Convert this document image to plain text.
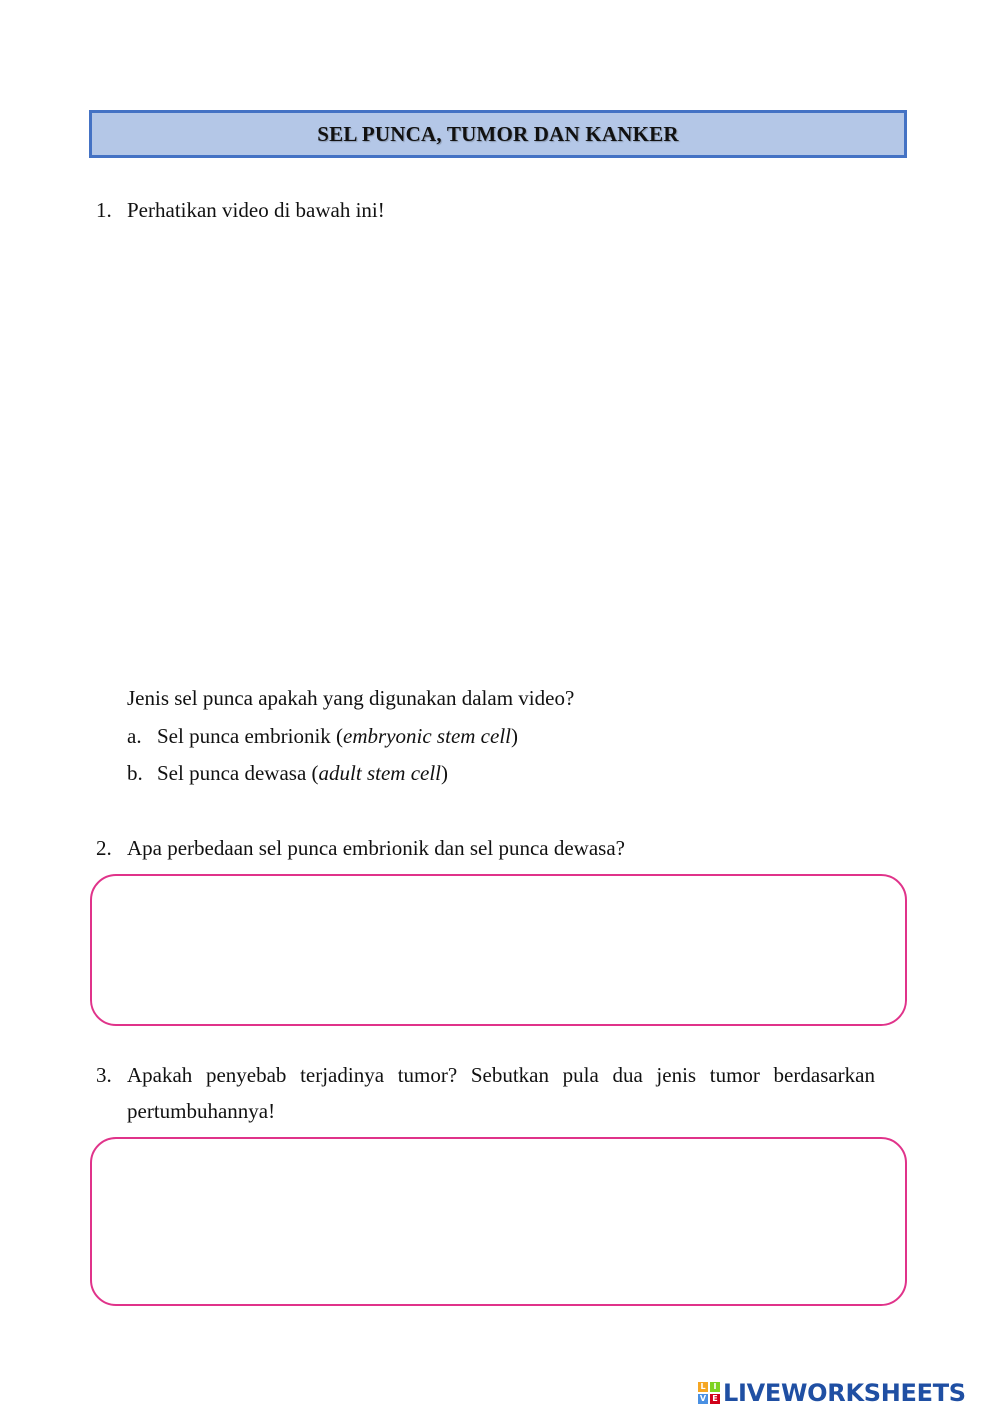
SEL PUNCA, TUMOR DAN KANKER
1. Perhatikan video di bawah ini!
Jenis sel punca apakah yang digunakan dalam video?
a. Sel punca embrionik (embryonic stem cell)
b. Sel punca dewasa (adult stem cell)
2. Apa perbedaan sel punca embrionik dan sel punca dewasa?
3. Apakah penyebab terjadinya tumor? Sebutkan pula dua jenis tumor berdasarkan
pertumbuhannya!
L I
V E LIVEWORKSHEETS
